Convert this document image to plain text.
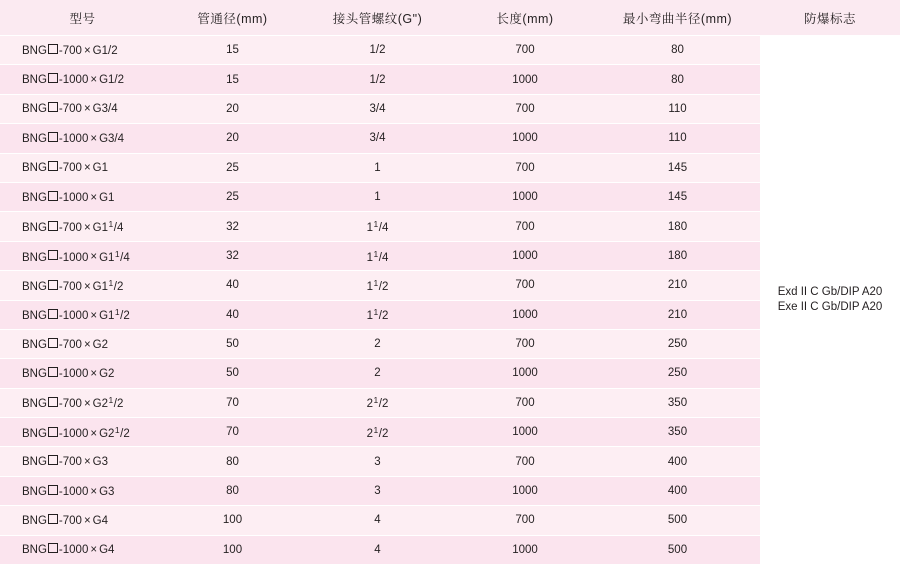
型号	管通径(mm)	接头管螺纹(G")	长度(mm)	最小弯曲半径(mm)	防爆标志
BNG -700 × G1/2	15	1/2	700	80	Exd II C Gb/DIP A20
Exe II C Gb/DIP A20

BNG -1000 × G1/2	15	1/2	1000	80	
BNG -700 × G3/4	20	3/4	700	110	
BNG -1000 × G3/4	20	3/4	1000	110	
BNG -700 × G1	25	1	700	145	
BNG -1000 × G1	25	1	1000	145	
BNG $-700 \times G1^1/4$	32	$1^1/4$	700	180	
BNG $-1000 \times G1^1/4$	32	$1^1/4$	1000	180	
BNG $-700 \times G1^1/2$	40	$1^1/2$	700	210	
BNG $-1000 \times G1^1/2$	40	$1^1/2$	1000	210	
BNG -700 × G2	50	2	700	250	
BNG -1000 × G2	50	2	1000	250	
BNG $-700 \times G2^1/2$	70	$2^1/2$	700	350	
BNG $-1000 \times G2^1/2$	70	$2^1/2$	1000	350	
BNG -700 × G3	80	3	700	400	
BNG -1000 × G3	80	3	1000	400	
BNG -700 × G4	100	4	700	500	
BNG -1000 × G4	100	4	1000	500	
